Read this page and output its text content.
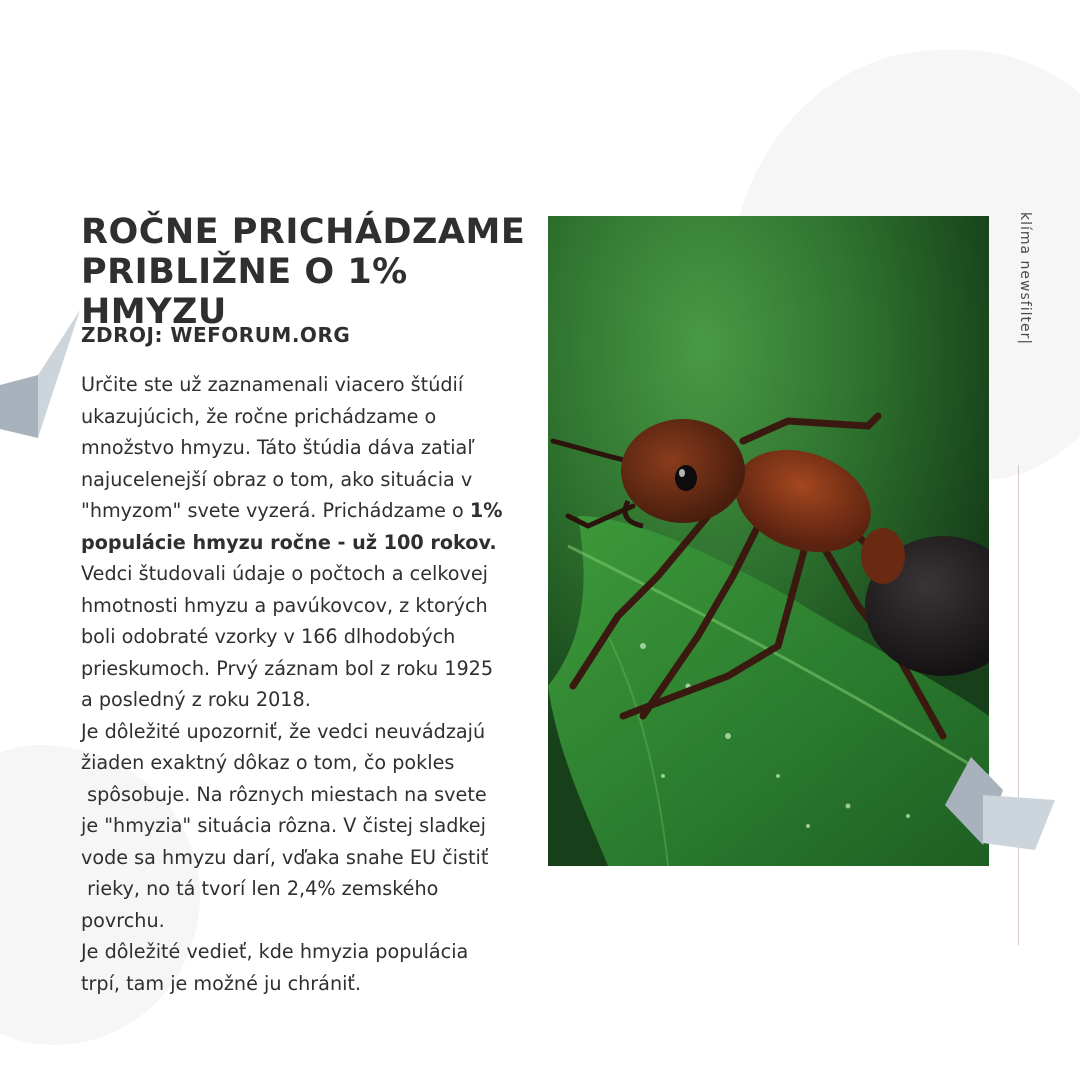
ROČNE PRICHÁDZAME
PRIBLIŽNE O 1% HMYZU

ZDROJ: WEFORUM.ORG

Určite ste už zaznamenali viacero štúdií
ukazujúcich, že ročne prichádzame o
množstvo hmyzu. Táto štúdia dáva zatiaľ
najucelenejší obraz o tom, ako situácia v
"hmyzom" svete vyzerá. Prichádzame o 1%
populácie hmyzu ročne - už 100 rokov.
Vedci študovali údaje o počtoch a celkovej
hmotnosti hmyzu a pavúkovcov, z ktorých
boli odobraté vzorky v 166 dlhodobých
prieskumoch. Prvý záznam bol z roku 1925
a posledný z roku 2018.
Je dôležité upozorniť, že vedci neuvádzajú
žiaden exaktný dôkaz o tom, čo pokles
spôsobuje. Na rôznych miestach na svete
je "hmyzia" situácia rôzna. V čistej sladkej
vode sa hmyzu darí, vďaka snahe EU čistiť
rieky, no tá tvorí len 2,4% zemského
povrchu.
Je dôležité vedieť, kde hmyzia populácia
trpí, tam je možné ju chrániť.

klíma newsfilter|
